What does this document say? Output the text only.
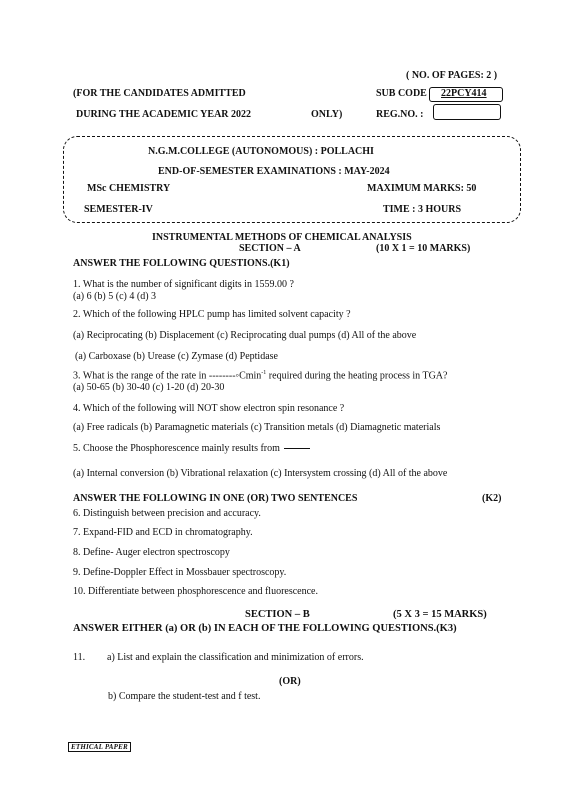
( NO. OF PAGES: 2 )
(FOR THE CANDIDATES ADMITTED	SUB CODE 22PCY414
DURING THE ACADEMIC YEAR 2022	ONLY)	REG.NO. :
N.G.M.COLLEGE (AUTONOMOUS) : POLLACHI
END-OF-SEMESTER EXAMINATIONS : MAY-2024
MSc CHEMISTRY	MAXIMUM MARKS: 50
SEMESTER-IV	TIME : 3 HOURS
INSTRUMENTAL METHODS OF CHEMICAL ANALYSIS
SECTION – A	(10 X 1 = 10 MARKS)
ANSWER THE FOLLOWING QUESTIONS.(K1)
1. What is the number of significant digits in 1559.00 ?
(a) 6 (b) 5 (c) 4 (d) 3
2. Which of the following HPLC pump has limited solvent capacity ?
(a) Reciprocating (b) Displacement (c) Reciprocating dual pumps (d) All of the above
(a) Carboxase (b) Urease (c) Zymase (d) Peptidase
3. What is the range of the rate in --------◦Cmin$^{-1}$ required during the heating process in TGA?
(a) 50-65 (b) 30-40 (c) 1-20 (d) 20-30
4. Which of the following will NOT show electron spin resonance ?
(a) Free radicals (b) Paramagnetic materials (c) Transition metals (d) Diamagnetic materials
5. Choose the Phosphorescence mainly results from
(a) Internal conversion (b) Vibrational relaxation (c) Intersystem crossing (d) All of the above
ANSWER THE FOLLOWING IN ONE (OR) TWO SENTENCES	(K2)
6. Distinguish between precision and accuracy.
7. Expand-FID and ECD in chromatography.
8. Define- Auger electron spectroscopy
9. Define-Doppler Effect in Mossbauer spectroscopy.
10. Differentiate between phosphorescence and fluorescence.
SECTION – B	(5 X 3 = 15 MARKS)
ANSWER EITHER (a) OR (b) IN EACH OF THE FOLLOWING QUESTIONS.(K3)
11. a) List and explain the classification and minimization of errors.
(OR)
b) Compare the student-test and f test.
ETHICAL PAPER
